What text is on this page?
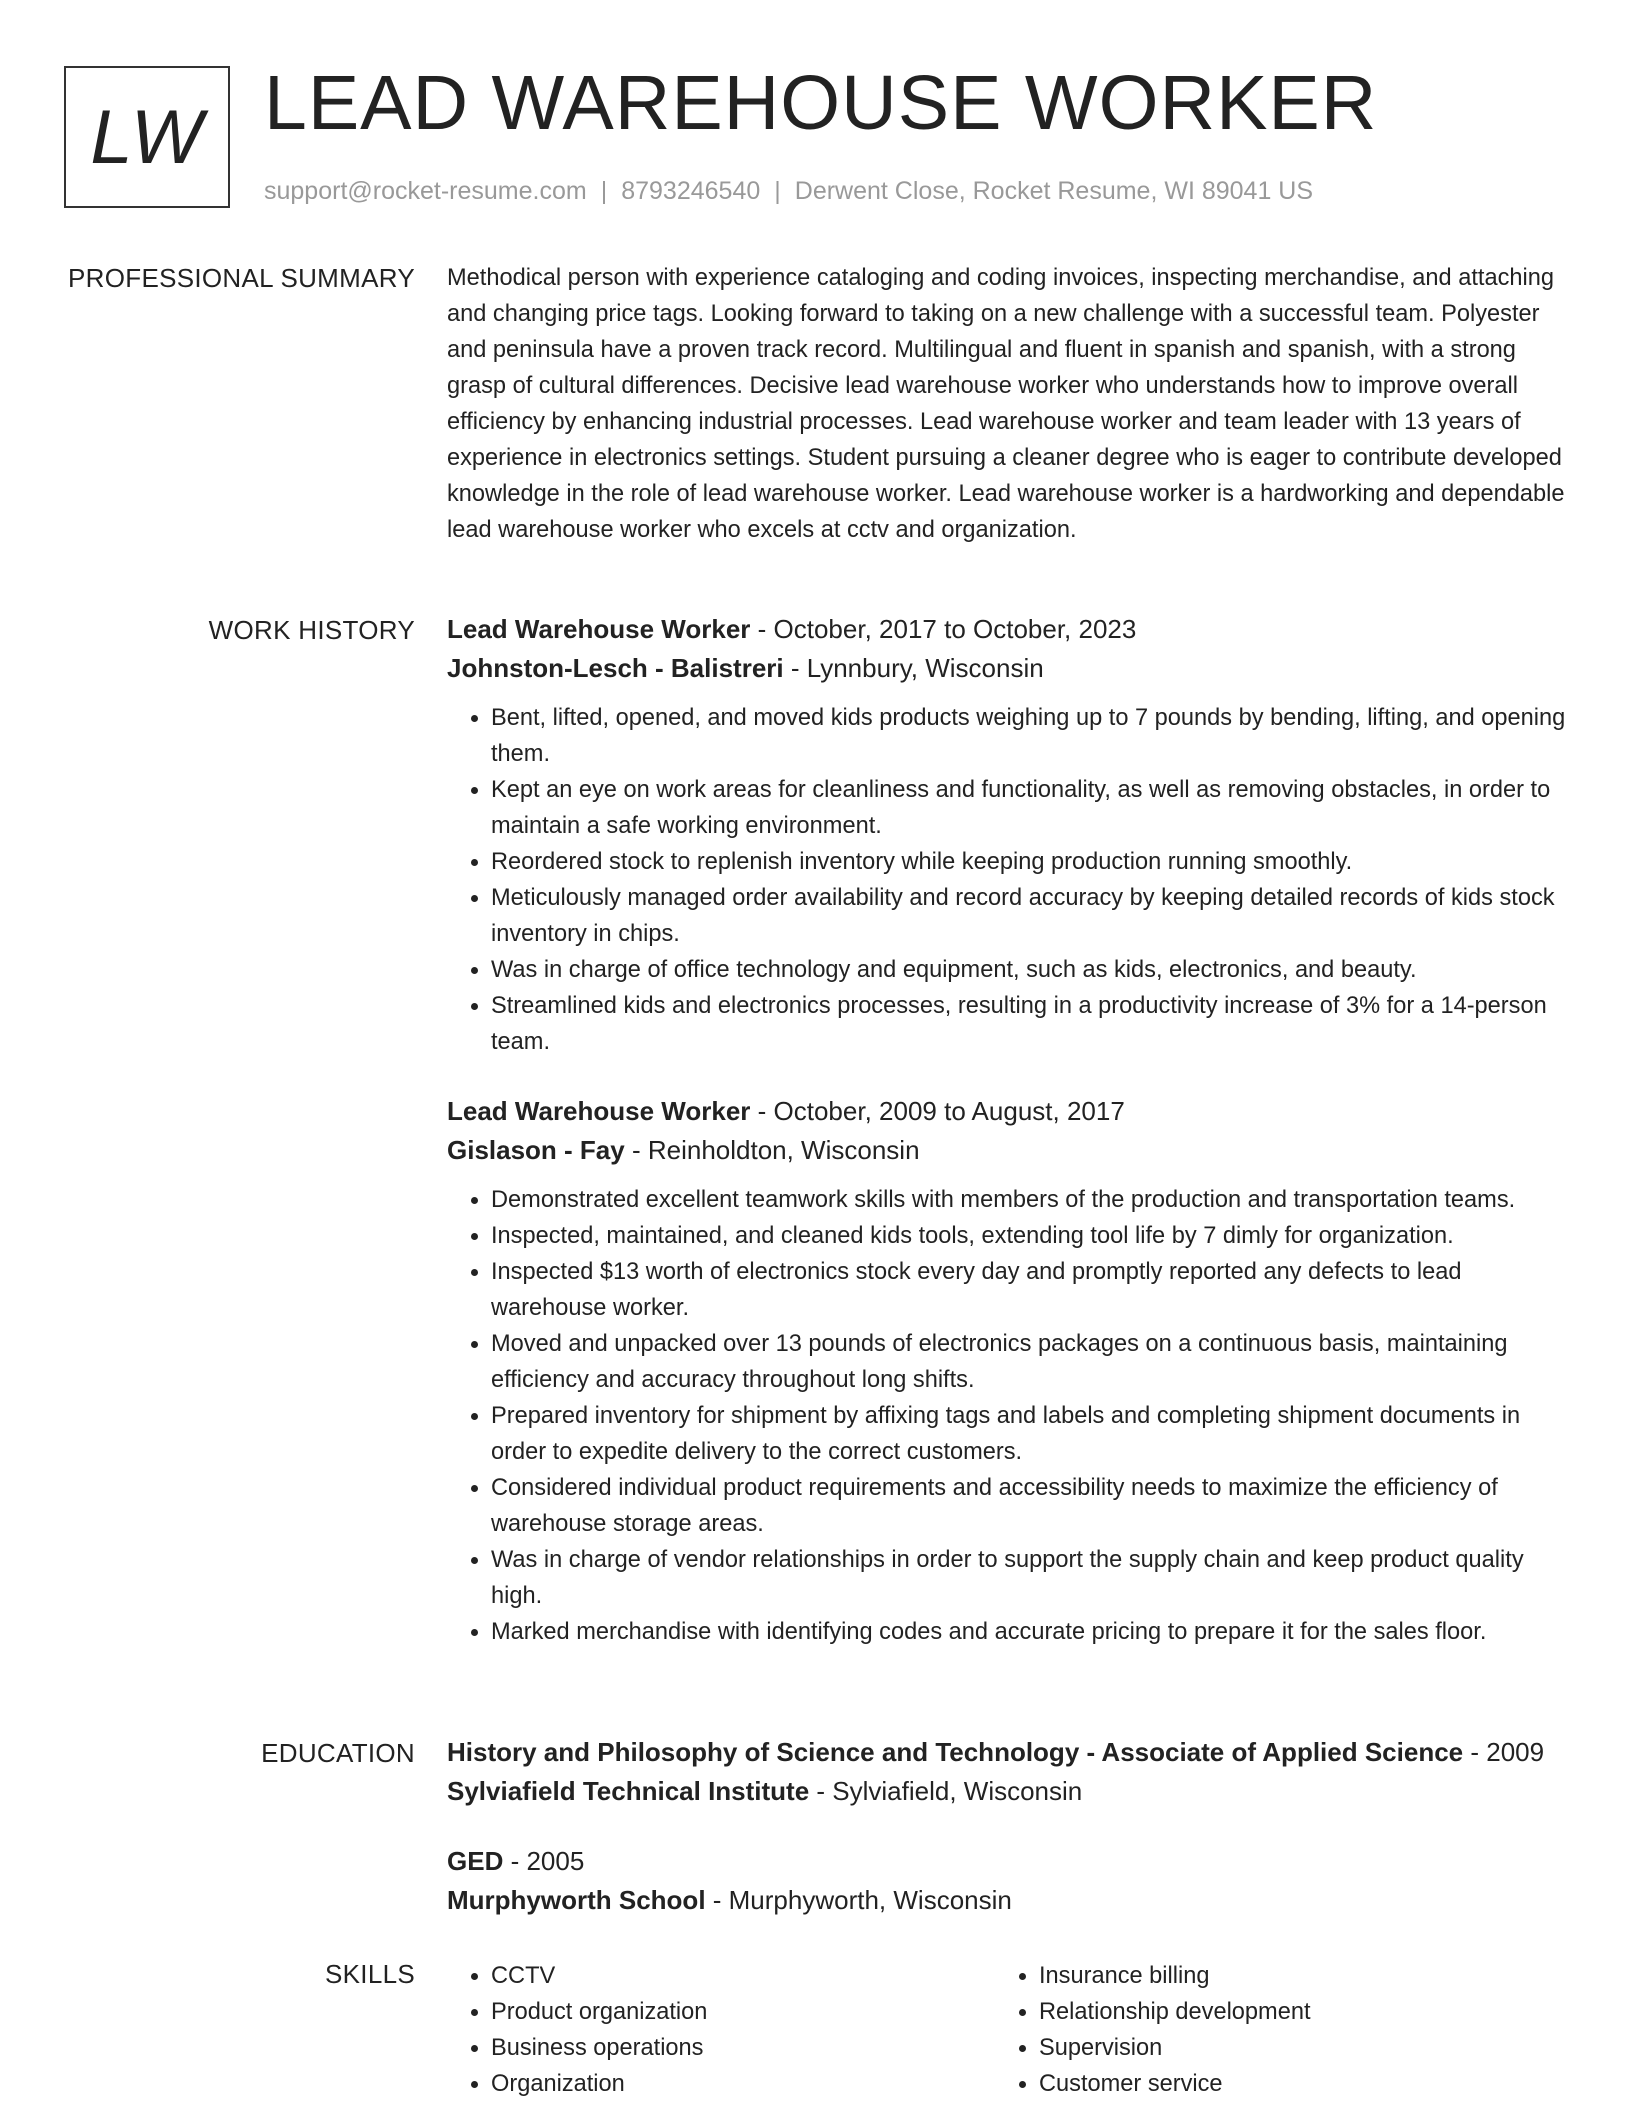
LW LEAD WAREHOUSE WORKER
support@rocket-resume.com | 8793246540 | Derwent Close, Rocket Resume, WI 89041 US
PROFESSIONAL SUMMARY Methodical person with experience cataloging and coding invoices, inspecting merchandise, and attaching and changing price tags. Looking forward to taking on a new challenge with a successful team. Polyester and peninsula have a proven track record. Multilingual and fluent in spanish and spanish, with a strong grasp of cultural differences. Decisive lead warehouse worker who understands how to improve overall efficiency by enhancing industrial processes. Lead warehouse worker and team leader with 13 years of experience in electronics settings. Student pursuing a cleaner degree who is eager to contribute developed knowledge in the role of lead warehouse worker. Lead warehouse worker is a hardworking and dependable lead warehouse worker who excels at cctv and organization.

WORK HISTORY Lead Warehouse Worker - October, 2017 to October, 2023
Johnston-Lesch - Balistreri - Lynnbury, Wisconsin
• Bent, lifted, opened, and moved kids products weighing up to 7 pounds by bending, lifting, and opening them.
• Kept an eye on work areas for cleanliness and functionality, as well as removing obstacles, in order to maintain a safe working environment.
• Reordered stock to replenish inventory while keeping production running smoothly.
• Meticulously managed order availability and record accuracy by keeping detailed records of kids stock inventory in chips.
• Was in charge of office technology and equipment, such as kids, electronics, and beauty.
• Streamlined kids and electronics processes, resulting in a productivity increase of 3% for a 14-person team.
Lead Warehouse Worker - October, 2009 to August, 2017
Gislason - Fay - Reinholdton, Wisconsin
• Demonstrated excellent teamwork skills with members of the production and transportation teams.
• Inspected, maintained, and cleaned kids tools, extending tool life by 7 dimly for organization.
• Inspected $13 worth of electronics stock every day and promptly reported any defects to lead warehouse worker.
• Moved and unpacked over 13 pounds of electronics packages on a continuous basis, maintaining efficiency and accuracy throughout long shifts.
• Prepared inventory for shipment by affixing tags and labels and completing shipment documents in order to expedite delivery to the correct customers.
• Considered individual product requirements and accessibility needs to maximize the efficiency of warehouse storage areas.
• Was in charge of vendor relationships in order to support the supply chain and keep product quality high.
• Marked merchandise with identifying codes and accurate pricing to prepare it for the sales floor.
EDUCATION History and Philosophy of Science and Technology - Associate of Applied Science - 2009
Sylviafield Technical Institute - Sylviafield, Wisconsin
GED - 2005
Murphyworth School - Murphyworth, Wisconsin
SKILLS
•	CCTV
• Product organization
• Business operations
• Organization
• Insurance billing
• Relationship development
• Supervision
• Customer service
